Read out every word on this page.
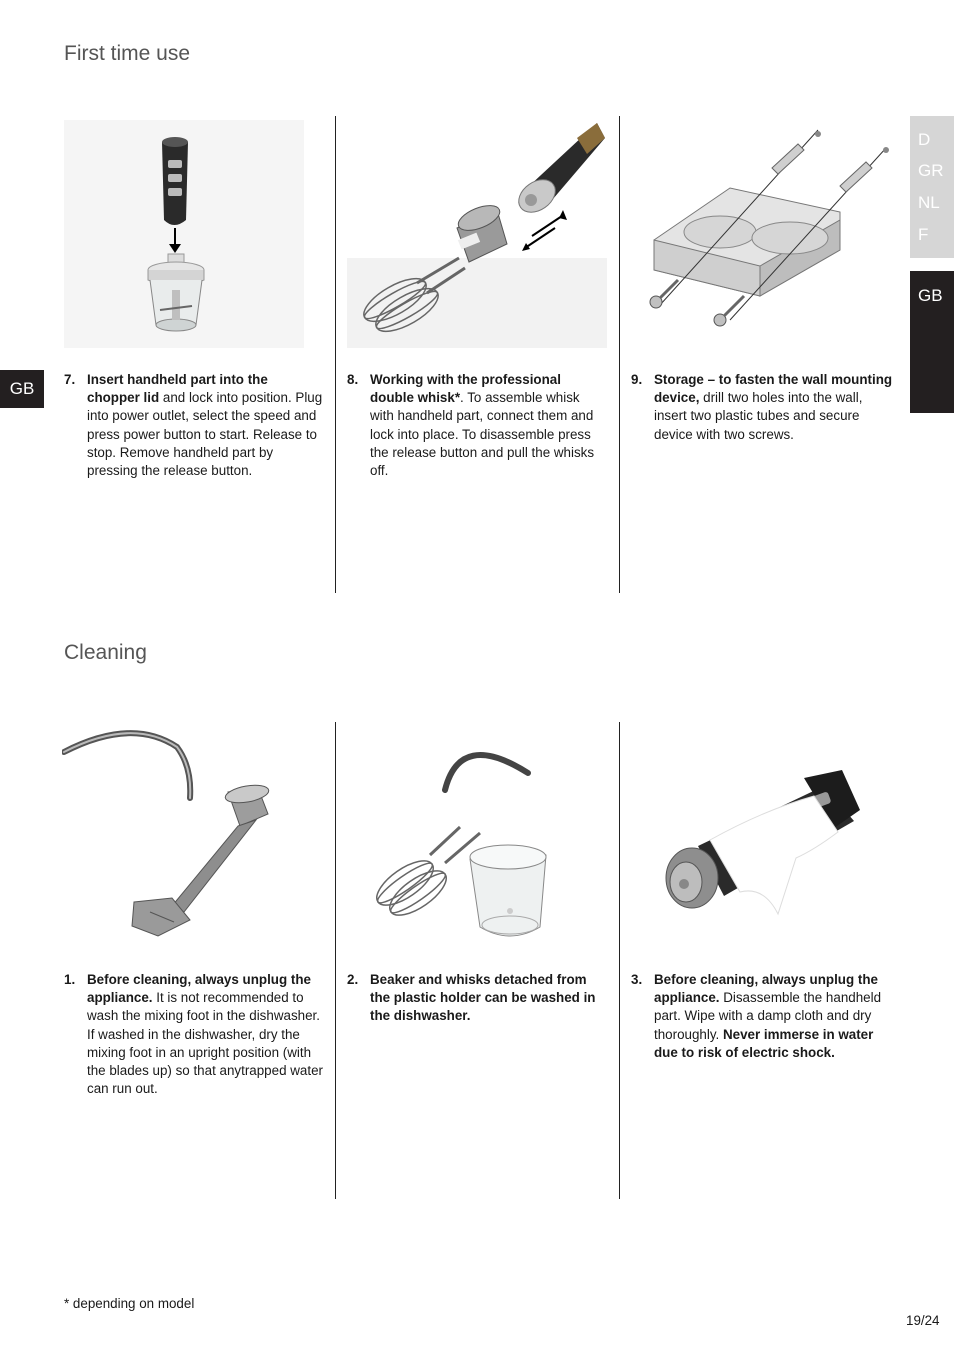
First time use
Cleaning
GB
D
GR
NL
F
GB
7. Insert handheld part into the chopper lid and lock into position. Plug into power outlet, select the speed and press power button to start. Release to stop. Remove handheld part by pressing the release button.
8. Working with the professional double whisk*. To assemble whisk with handheld part, connect them and lock into place. To disassemble press the release button and pull the whisks off.
9. Storage – to fasten the wall mounting device, drill two holes into the wall, insert two plastic tubes and secure device with two screws.
1. Before cleaning, always unplug the appliance. It is not recommended to wash the mixing foot in the dishwasher. If washed in the dishwasher, dry the mixing foot in an upright position (with the blades up) so that anytrapped water can run out.
2. Beaker and whisks detached from the plastic holder can be washed in the dishwasher.
3. Before cleaning, always unplug the appliance. Disassemble the handheld part. Wipe with a damp cloth and dry thoroughly. Never immerse in water due to risk of electric shock.
* depending on model
19/24
